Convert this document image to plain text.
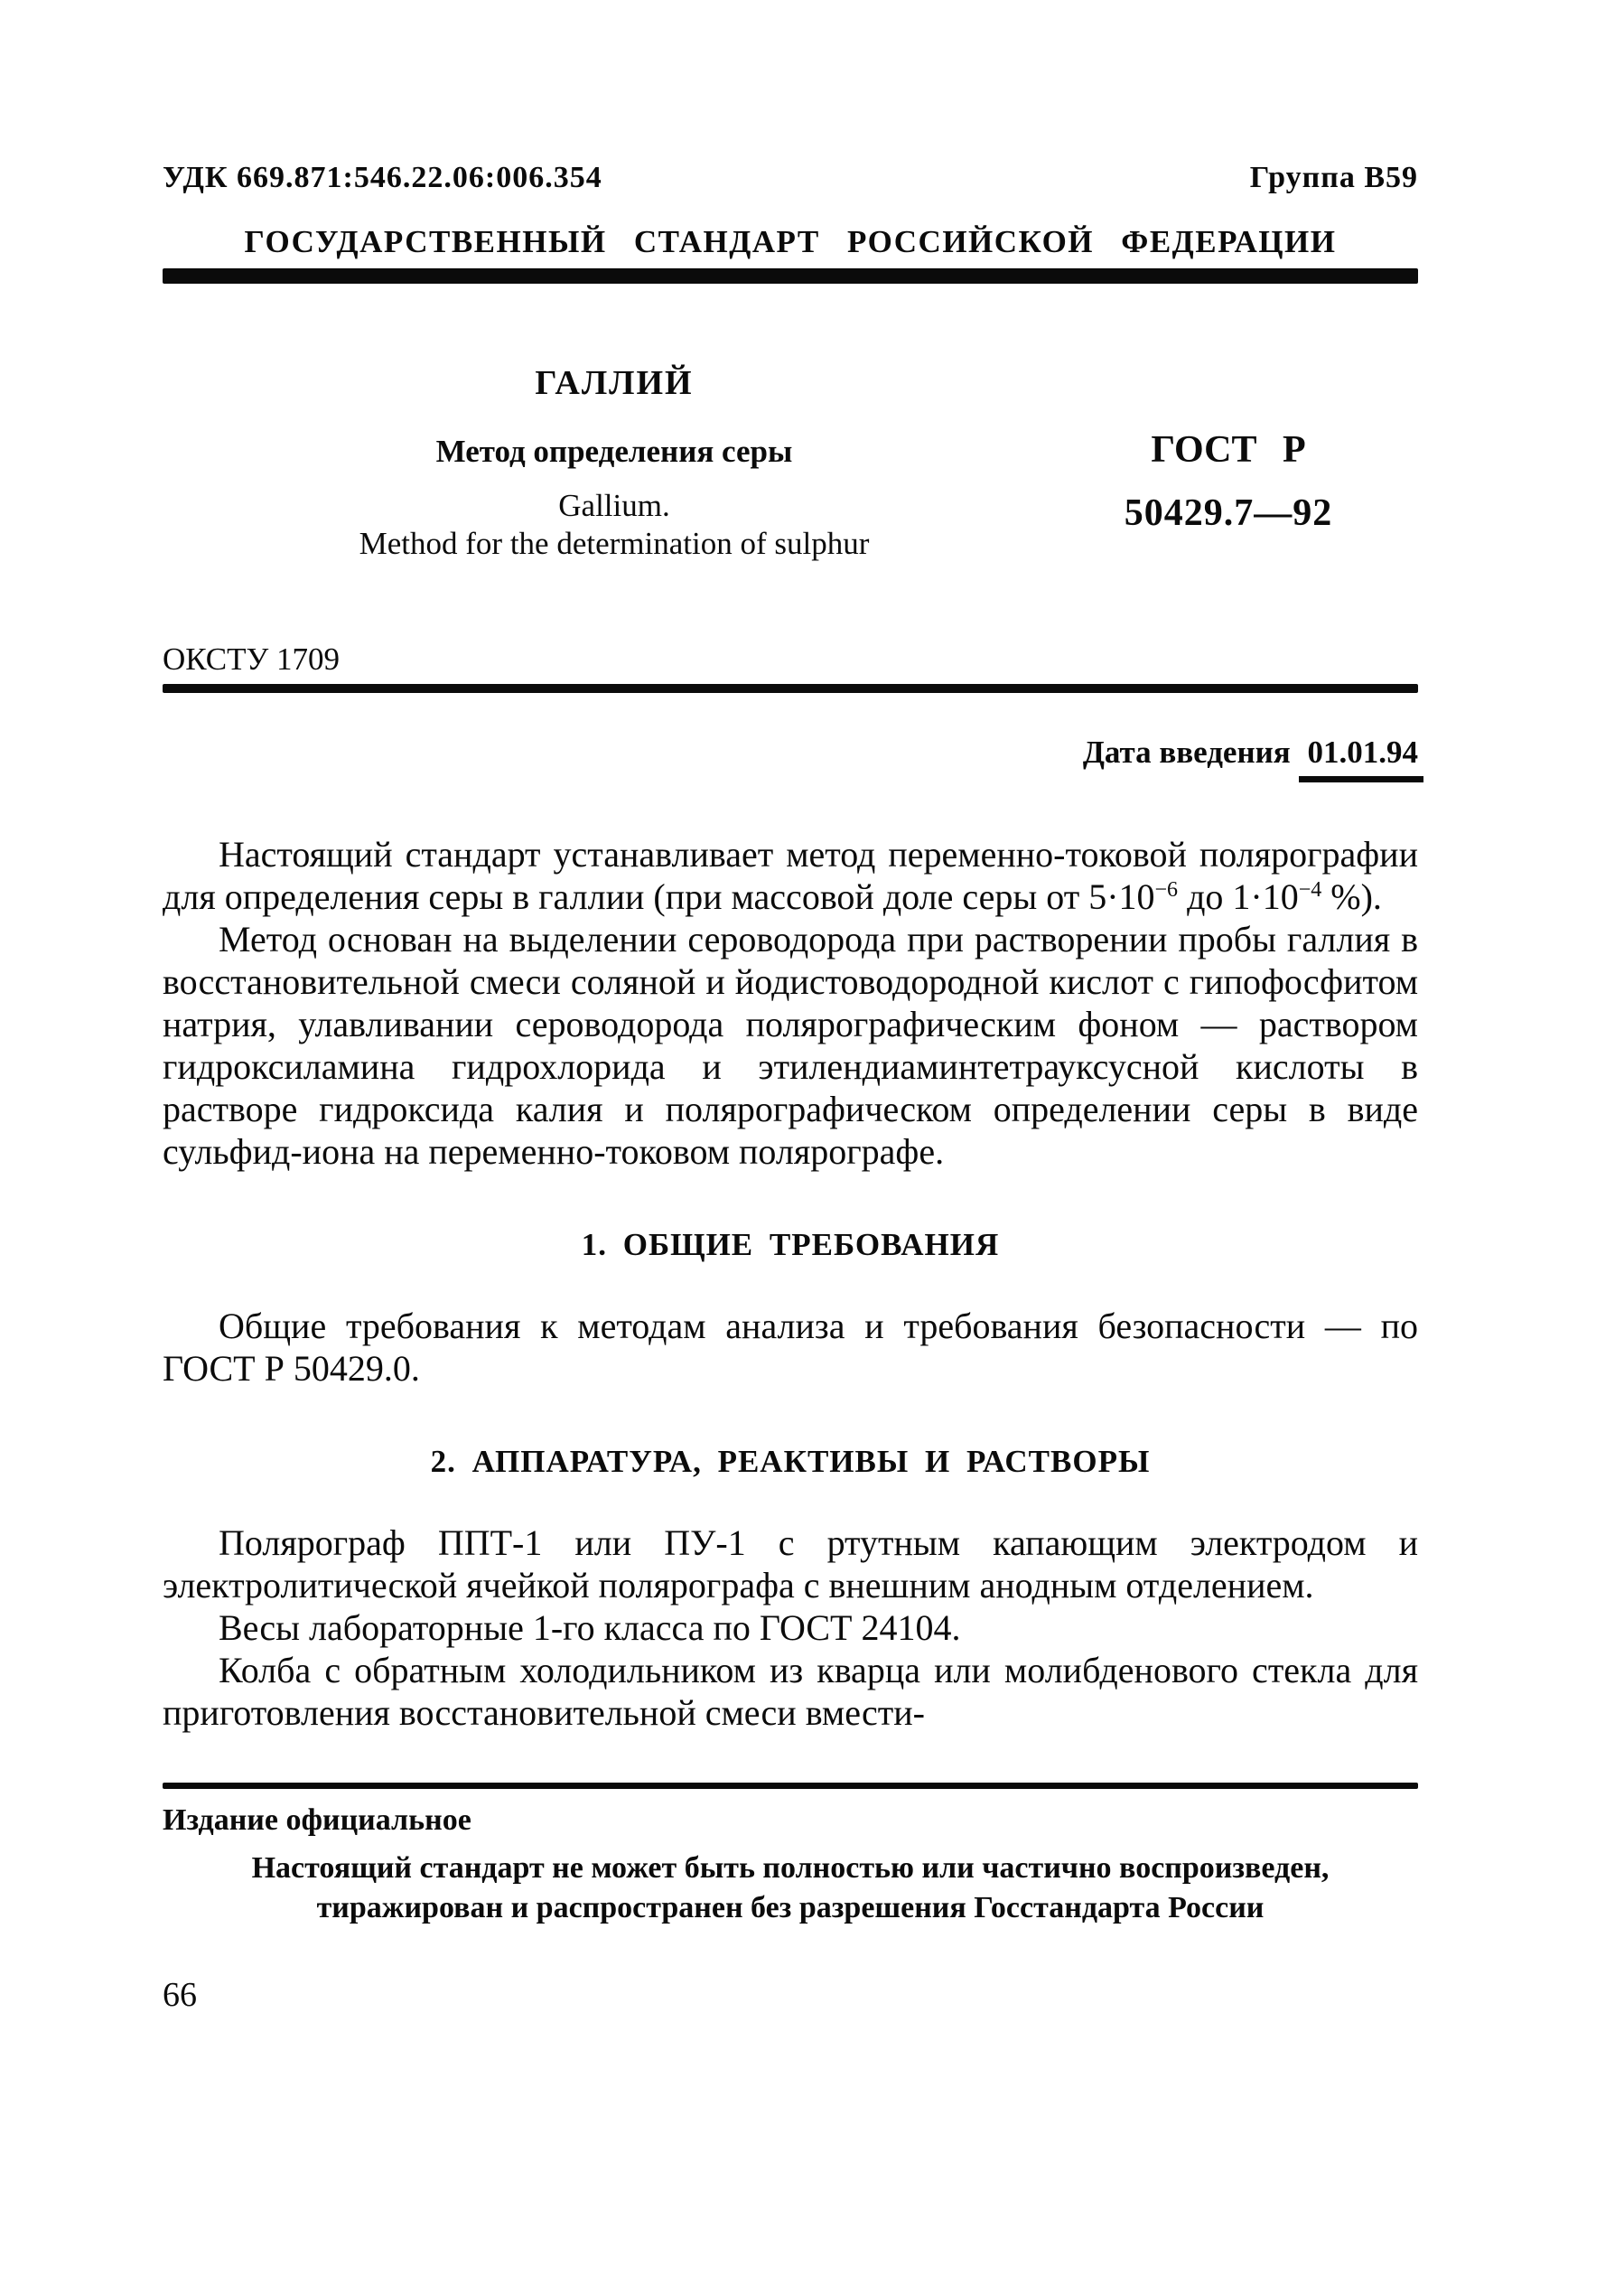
УДК 669.871:546.22.06:006.354	Группа В59
ГОСУДАРСТВЕННЫЙ СТАНДАРТ РОССИЙСКОЙ ФЕДЕРАЦИИ
ГАЛЛИЙ
Метод определения серы
Gallium.
Method for the determination of sulphur
ГОСТ Р
50429.7—92
ОКСТУ 1709
Дата введения 01.01.94

Настоящий стандарт устанавливает метод переменно-токовой полярографии для определения серы в галлии (при массовой доле серы от $5\cdot 10^{-6}$ до $1\cdot 10^{-4}$ %).

Метод основан на выделении сероводорода при растворении пробы галлия в восстановительной смеси соляной и йодистоводородной кислот с гипофосфитом натрия, улавливании сероводорода полярографическим фоном — раствором гидроксиламина гидрохлорида и этилендиаминтетрауксусной кислоты в растворе гидроксида калия и полярографическом определении серы в виде сульфид-иона на переменно-токовом полярографе.

1. ОБЩИЕ ТРЕБОВАНИЯ

Общие требования к методам анализа и требования безопасности — по ГОСТ Р 50429.0.

2. АППАРАТУРА, РЕАКТИВЫ И РАСТВОРЫ

Полярограф ППТ-1 или ПУ-1 с ртутным капающим электродом и электролитической ячейкой полярографа с внешним анодным отделением.

Весы лабораторные 1-го класса по ГОСТ 24104.

Колба с обратным холодильником из кварца или молибденового стекла для приготовления восстановительной смеси вмести-

Издание официальное
Настоящий стандарт не может быть полностью или частично воспроизведен, тиражирован и распространен без разрешения Госстандарта России
66
